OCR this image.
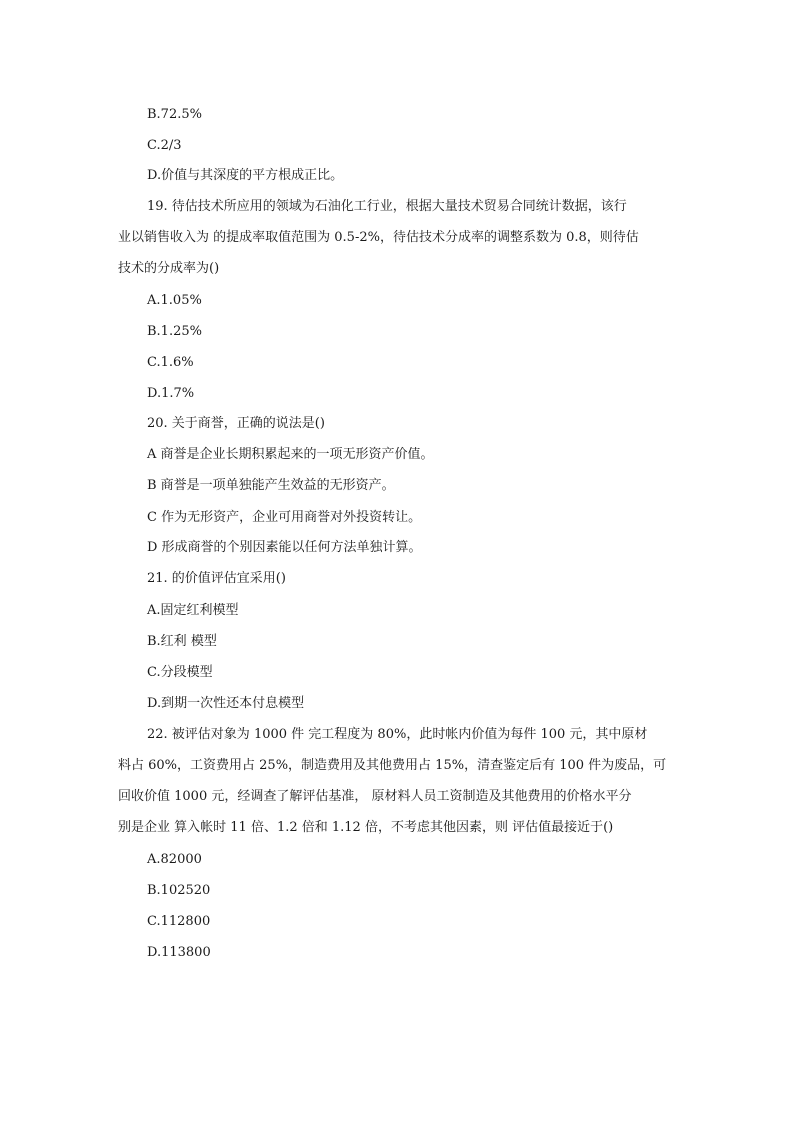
B.72.5%
C.2/3
D.价值与其深度的平方根成正比。
19. 待估技术所应用的领域为石油化工行业，根据大量技术贸易合同统计数据，该行
业以销售收入为 的提成率取值范围为 0.5-2%，待估技术分成率的调整系数为 0.8，则待估
技术的分成率为()
A.1.05%
B.1.25%
C.1.6%
D.1.7%
20. 关于商誉，正确的说法是()
A 商誉是企业长期积累起来的一项无形资产价值。
B 商誉是一项单独能产生效益的无形资产。
C 作为无形资产，企业可用商誉对外投资转让。
D 形成商誉的个别因素能以任何方法单独计算。
21. 的价值评估宜采用()
A.固定红利模型
B.红利 模型
C.分段模型
D.到期一次性还本付息模型
22. 被评估对象为 1000 件 完工程度为 80%，此时帐内价值为每件 100 元，其中原材
料占 60%，工资费用占 25%，制造费用及其他费用占 15%，清查鉴定后有 100 件为废品，可
回收价值 1000 元，经调查了解评估基准， 原材料人员工资制造及其他费用的价格水平分
别是企业 算入帐时 11 倍、1.2 倍和 1.12 倍，不考虑其他因素，则 评估值最接近于()
A.82000
B.102520
C.112800
D.113800
